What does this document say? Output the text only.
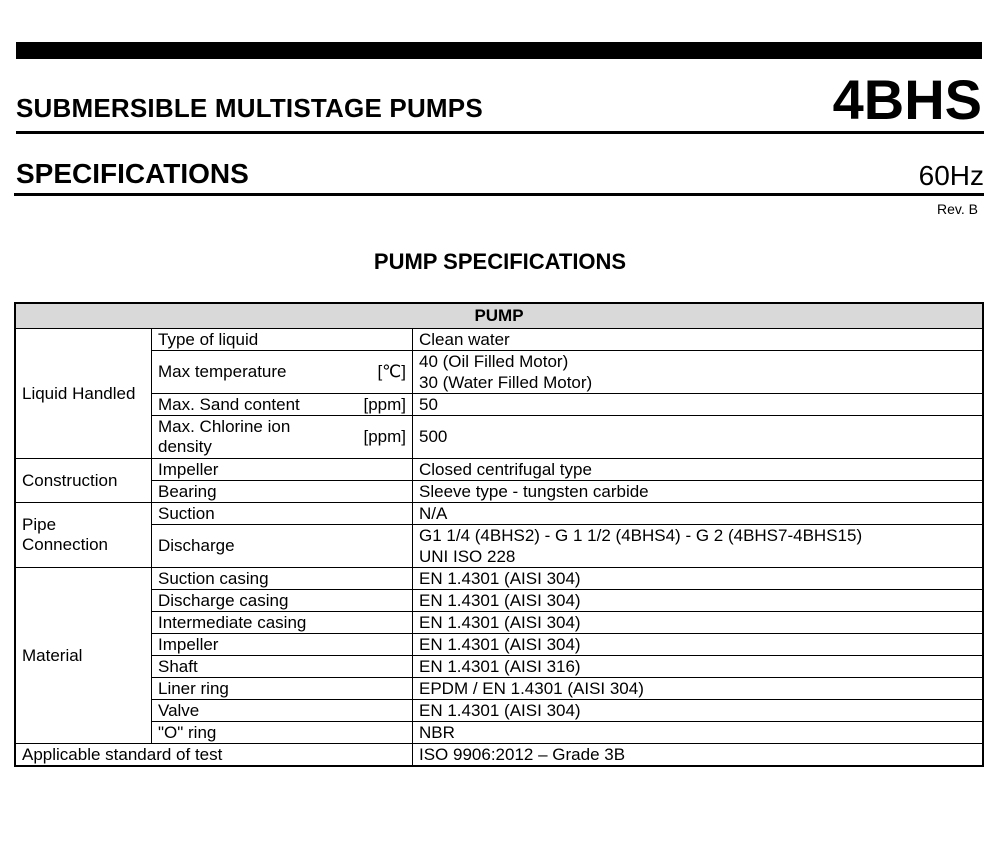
SUBMERSIBLE MULTISTAGE PUMPS	4BHS
SPECIFICATIONS	60Hz
Rev. B
PUMP SPECIFICATIONS
PUMP			
Liquid Handled	Type of liquid		Clean water
	Max temperature	[℃]	40 (Oil Filled Motor)
			30 (Water Filled Motor)
	Max. Sand content	[ppm]	50
	Max. Chlorine ion density	[ppm]	500
Construction	Impeller		Closed centrifugal type
	Bearing		Sleeve type - tungsten carbide
Pipe Connection	Suction		N/A
	Discharge		G1 1/4 (4BHS2) - G 1 1/2 (4BHS4) - G 2 (4BHS7-4BHS15)
			UNI ISO 228
Material	Suction casing		EN 1.4301 (AISI 304)
	Discharge casing		EN 1.4301 (AISI 304)
	Intermediate casing		EN 1.4301 (AISI 304)
	Impeller		EN 1.4301 (AISI 304)
	Shaft		EN 1.4301 (AISI 316)
	Liner ring		EPDM / EN 1.4301 (AISI 304)
	Valve		EN 1.4301 (AISI 304)
	"O" ring		NBR
Applicable standard of test			ISO 9906:2012 – Grade 3B
